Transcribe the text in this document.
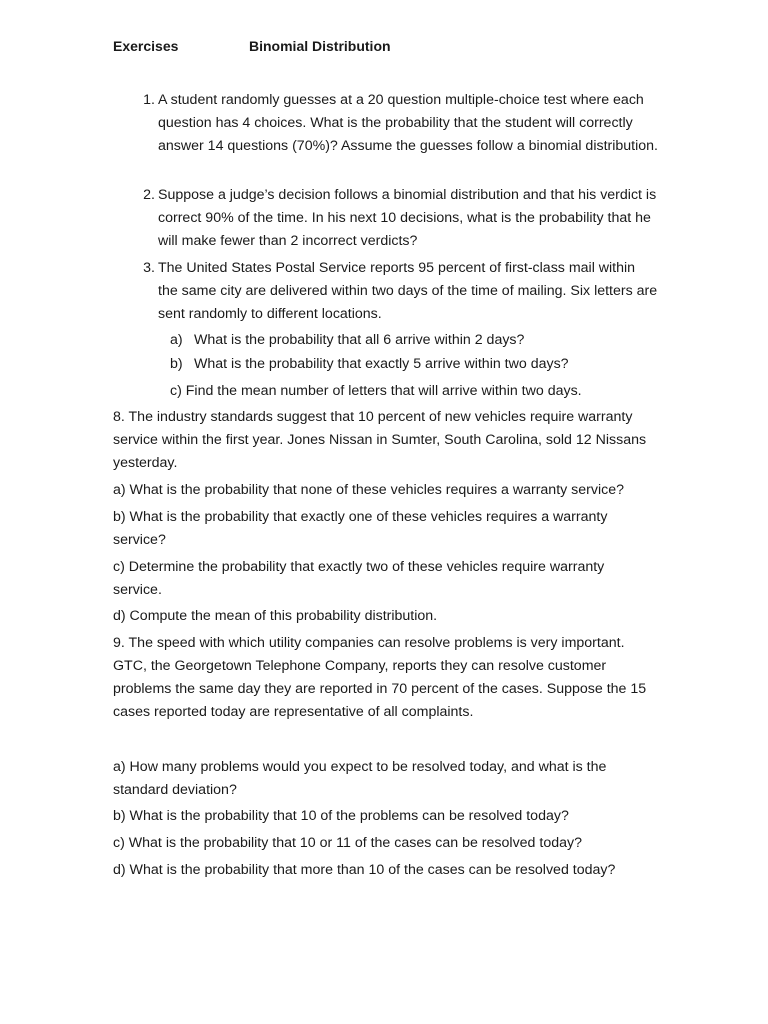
Exercises	Binomial Distribution
1. A student randomly guesses at a 20 question multiple-choice test where each question has 4 choices. What is the probability that the student will correctly answer 14 questions (70%)? Assume the guesses follow a binomial distribution.
2. Suppose a judge’s decision follows a binomial distribution and that his verdict is correct 90% of the time. In his next 10 decisions, what is the probability that he will make fewer than 2 incorrect verdicts?
3. The United States Postal Service reports 95 percent of first-class mail within the same city are delivered within two days of the time of mailing. Six letters are sent randomly to different locations.
a) What is the probability that all 6 arrive within 2 days?
b) What is the probability that exactly 5 arrive within two days?
c) Find the mean number of letters that will arrive within two days.
8. The industry standards suggest that 10 percent of new vehicles require warranty service within the first year. Jones Nissan in Sumter, South Carolina, sold 12 Nissans yesterday.
a) What is the probability that none of these vehicles requires a warranty service?
b) What is the probability that exactly one of these vehicles requires a warranty service?
c) Determine the probability that exactly two of these vehicles require warranty service.
d) Compute the mean of this probability distribution.
9. The speed with which utility companies can resolve problems is very important. GTC, the Georgetown Telephone Company, reports they can resolve customer problems the same day they are reported in 70 percent of the cases. Suppose the 15 cases reported today are representative of all complaints.
a) How many problems would you expect to be resolved today, and what is the standard deviation?
b) What is the probability that 10 of the problems can be resolved today?
c) What is the probability that 10 or 11 of the cases can be resolved today?
d) What is the probability that more than 10 of the cases can be resolved today?
